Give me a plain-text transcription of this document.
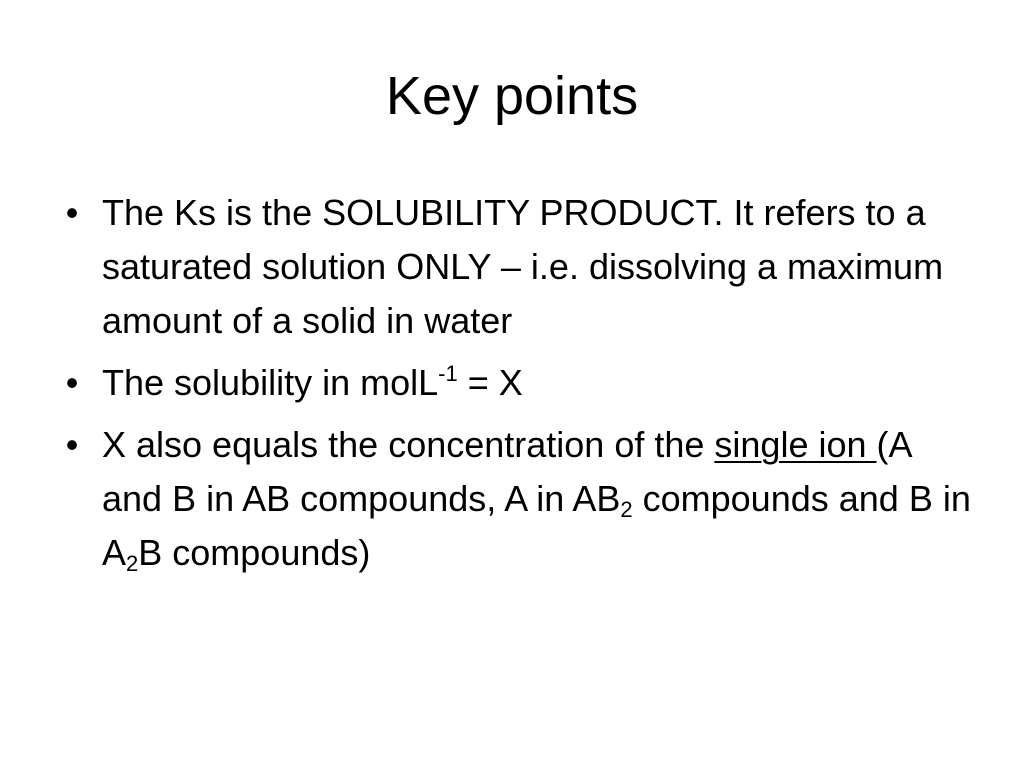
Key points
• The Ks is the SOLUBILITY PRODUCT. It refers to a saturated solution ONLY – i.e. dissolving a maximum amount of a solid in water
• The solubility in molL$^{-1}$ = X
• X also equals the concentration of the single ion (A and B in AB compounds, A in $AB_2$ compounds and B in $A_2B$ compounds)
